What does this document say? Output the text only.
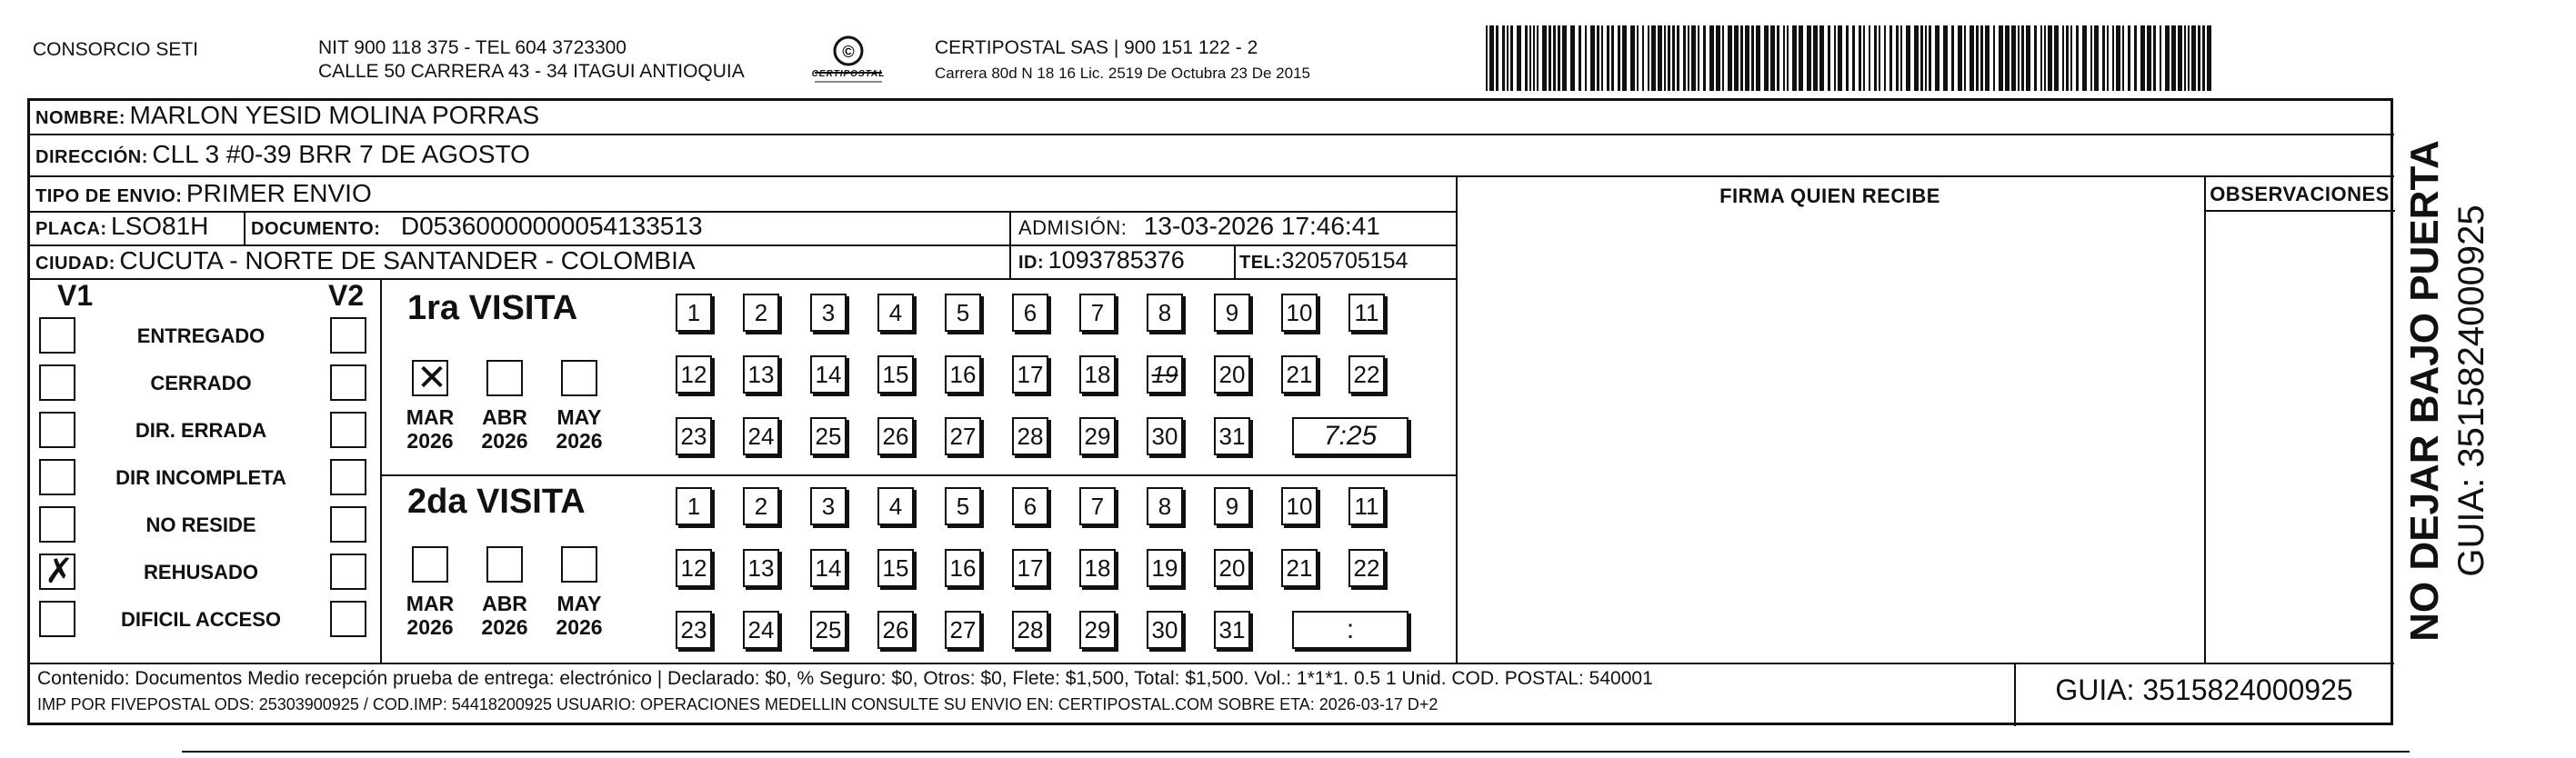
CONSORCIO SETI	NIT 900 118 375 - TEL 604 3723300
CALLE 50 CARRERA 43 - 34 ITAGUI ANTIOQUIA
©
CERTIPOSTAL
CERTIPOSTAL SAS | 900 151 122 - 2
Carrera 80d N 18 16 Lic. 2519 De Octubra 23 De 2015
NOMBRE: MARLON YESID MOLINA PORRAS
DIRECCIÓN: CLL 3 #0-39 BRR 7 DE AGOSTO
TIPO DE ENVIO: PRIMER ENVIO	FIRMA QUIEN RECIBE	OBSERVACIONES
PLACA: LSO81H DOCUMENTO: D05360000000054133513	ADMISIÓN: 13-03-2026 17:46:41
CIUDAD: CUCUTA - NORTE DE SANTANDER - COLOMBIA	ID: 1093785376	TEL:3205705154
V1	V2
ENTREGADO
CERRADO
DIR. ERRADA
DIR INCOMPLETA
NO RESIDE
✗	REHUSADO
DIFICIL ACCESO
1ra VISITA
✕
MAR
2026
ABR
2026
MAY
2026
1	2	3	4	5	6	7	8	9	10 11
12 13 14 15 16 17 18 19 20 21 22
23 24 25 26 27 28 29 30 31	7:25
2da VISITA
MAR
2026
ABR
2026
MAY
2026
1	2	3	4	5	6	7	8	9	10 11
12 13 14 15 16 17 18 19 20 21 22
23 24 25 26 27 28 29 30 31	:
Contenido: Documentos Medio recepción prueba de entrega: electrónico | Declarado: $0, % Seguro: $0, Otros: $0, Flete: $1,500, Total: $1,500. Vol.: 1*1*1. 0.5 1 Unid. COD. POSTAL: 540001
IMP POR FIVEPOSTAL ODS: 25303900925 / COD.IMP: 54418200925 USUARIO: OPERACIONES MEDELLIN CONSULTE SU ENVIO EN: CERTIPOSTAL.COM SOBRE ETA: 2026-03-17 D+2	GUIA: 3515824000925
NO DEJAR BAJO PUERTA GUIA: 3515824000925
